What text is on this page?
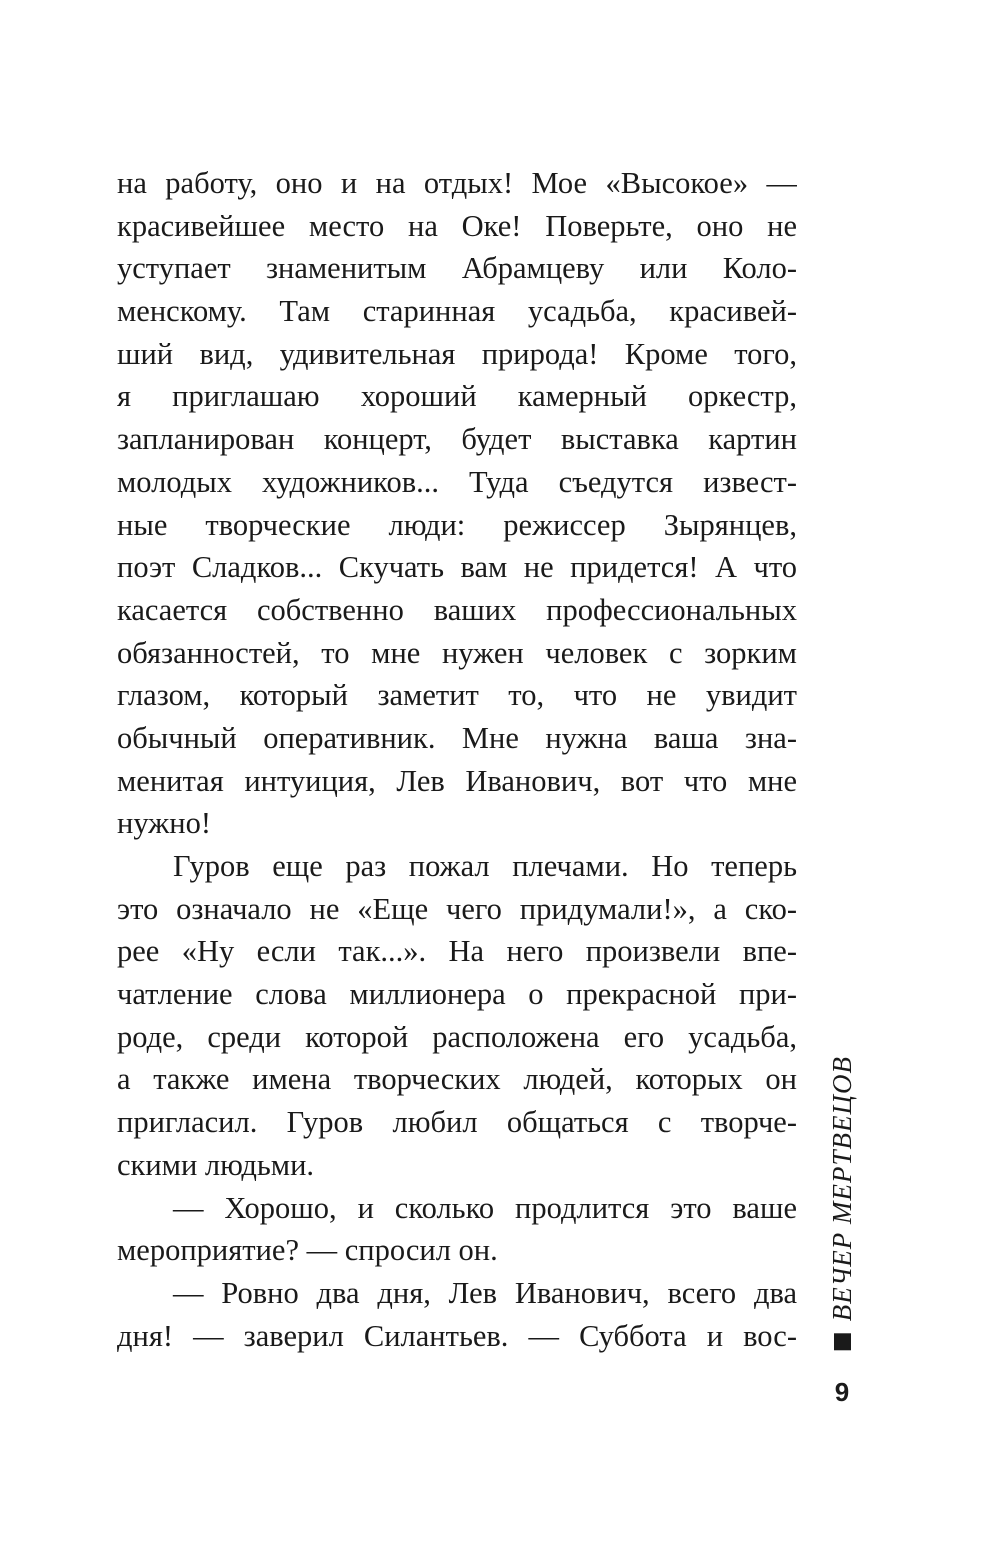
на работу, оно и на отдых! Мое «Высокое» —
красивейшее место на Оке! Поверьте, оно не
уступает знаменитым Абрамцеву или Коло-
менскому. Там старинная усадьба, красивей-
ший вид, удивительная природа! Кроме того,
я приглашаю хороший камерный оркестр,
запланирован концерт, будет выставка картин
молодых художников... Туда съедутся извест-
ные творческие люди: режиссер Зырянцев,
поэт Сладков... Скучать вам не придется! А что
касается собственно ваших профессиональных
обязанностей, то мне нужен человек с зорким
глазом, который заметит то, что не увидит
обычный оперативник. Мне нужна ваша зна-
менитая интуиция, Лев Иванович, вот что мне
нужно!
Гуров еще раз пожал плечами. Но теперь
это означало не «Еще чего придумали!», а ско-
рее «Ну если так...». На него произвели впе-
чатление слова миллионера о прекрасной при-
роде, среди которой расположена его усадьба,
а также имена творческих людей, которых он
пригласил. Гуров любил общаться с творче-
скими людьми.
— Хорошо, и сколько продлится это ваше
мероприятие? — спросил он.
— Ровно два дня, Лев Иванович, всего два
дня! — заверил Силантьев. — Суббота и вос-
ВЕЧЕР МЕРТВЕЦОВ
9
